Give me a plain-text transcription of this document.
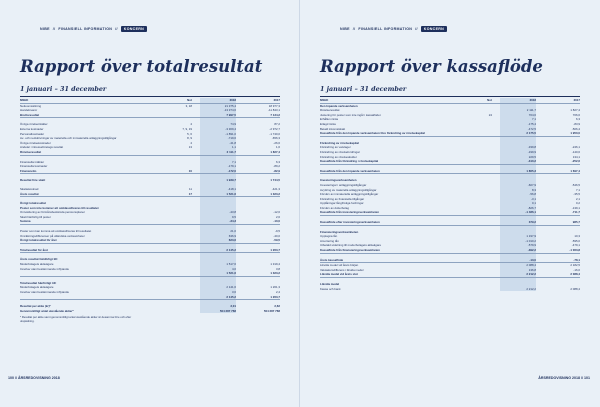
NIBE // FINANSIELL INFORMATION //	KONCERN
Rapport över totalresultat
1 januari – 31 december
MSEK	Not	2018	2017
Nettoomsättning	3, 18	21 375,4	18 977,3
Handelsvaror	-13 374,6	-11 843,1
Bruttoresultat	7 997,5	7 134,2
Övriga rörelseintäkter	4	74,9	87,2
Externa kostnader	7, 9, 19	-3 309,4	-2 972,7
Personalkostnader	5, 6	-1 891,0	-1 740,0
Av- och nedskrivningar av materiella och immateriella anläggningstillgångar	8, 9	-719,6	-656,3
Övriga rörelsekostnader	4	-41,8	-26,6
Andelar i intresseföretags resultat	13	1,1	1,6
Rörelseresultat	2 111,7	1 827,4
Finansiella intäkter	7,1	6,3
Finansiella kostnader	-179,1	-89,2
Finansnetto	10	-172,0	-82,9
Resultat före skatt	1 939,7	1 744,5
Skattekostnad	11	-418,1	-421,3
Årets resultat	17	1 521,6	1 323,2
Övrigt totalresultat
Poster som inte kommer att omklassificeras till resultatet
Omvärdering av förmånsbestämda pensionsplaner	-43,8	-12,6
Skatt hänförlig till poster	9,5	2,6
Summa	-34,3	-10,0
Poster som kan komma att omklassificeras till resultatet	21,0	-9,5
Omräkningsdifferenser på utländska verksamheter	636,9	-40,0
Övrigt totalresultat för året	623,6	-59,5
Totalresultat för året	2 145,2	1 263,7
Årets resultat hänförligt till:
Moderbolagets aktieägare	1 517,6	1 319,4
Innehav utan bestämmande inflytande	4,0	3,8
1 521,6	1 323,2
Totalresultat hänförligt till:
Moderbolagets aktieägare	2 141,6	1 261,3
Innehav utan bestämmande inflytande	3,6	2,4
2 145,2	1 263,7
Resultat per aktie (kr)*	3,01	2,62
Genomsnittligt antal utestående aktier*	504 287 768	504 287 768
* Resultat per aktie samt genomsnittligt antal utestående aktier är desamma före och efter utspädning.
100 // ÅRSREDOVISNING 2018
NIBE // FINANSIELL INFORMATION //	KONCERN
Rapport över kassaflöde
1 januari – 31 december
MSEK	Not	2018	2017
Den löpande verksamheten
Rörelseresultat	2 111,7	1 827,4
Justering för poster som inte ingår i kassaflödet	24	704,6	706,6
Erhållen ränta	7,1	6,3
Erlagd ränta	-175,4	-83,9
Betald inkomstskatt	-472,5	-506,4
Kassaflöde från den löpande verksamheten före förändring av rörelsekapital	2 175,5	1 950,0
Förändring av rörelsekapital
Förändring av varulager	-339,8	-246,1
Förändring av rörelsefordringar	-199,9	-140,6
Förändring av rörelseskulder	229,5	134,1
Kassaflöde från förändring i rörelsekapital	-310,2	-252,6
Kassaflöde från den löpande verksamheten	1 865,3	1 697,4
Investeringsverksamheten
Investeringar i anläggningstillgångar	-607,9	-546,5
Avyttring av materiella anläggningstillgångar	8,3	7,1
Förvärv av immateriella anläggningstillgångar	-56,8	-35,5
Förändring av finansiella tillgångar	-3,1	2,1
Upplåningar långfristiga fordringar	0,1	0,2
Förvärv av dotterbolag	-826,7	-139,1
Kassaflöde från investeringsverksamheten	-1 486,1	-711,7
Kassaflöde efter investeringsverksamheten	379,2	985,7
Finansieringsverksamheten
Upptagna lån	1 197,9	10,3
Amortering lån	-1 010,2	-595,0
Utbetald utdelning till moderbolagets aktieägare	-579,9	-479,1
Kassaflöde från finansieringsverksamheten	-392,2	-1 063,8
Årets kassaflöde	-13,0	-78,1
Likvida medel vid årets början	2 088,4	2 182,5
Valutakursdifferens i likvida medel	136,8	-16,0
Likvida medel vid årets slut	2 212,2	2 088,4
Likvida medel
Kassa och bank	2 212,2	2 088,4
ÅRSREDOVISNING 2018 // 101
